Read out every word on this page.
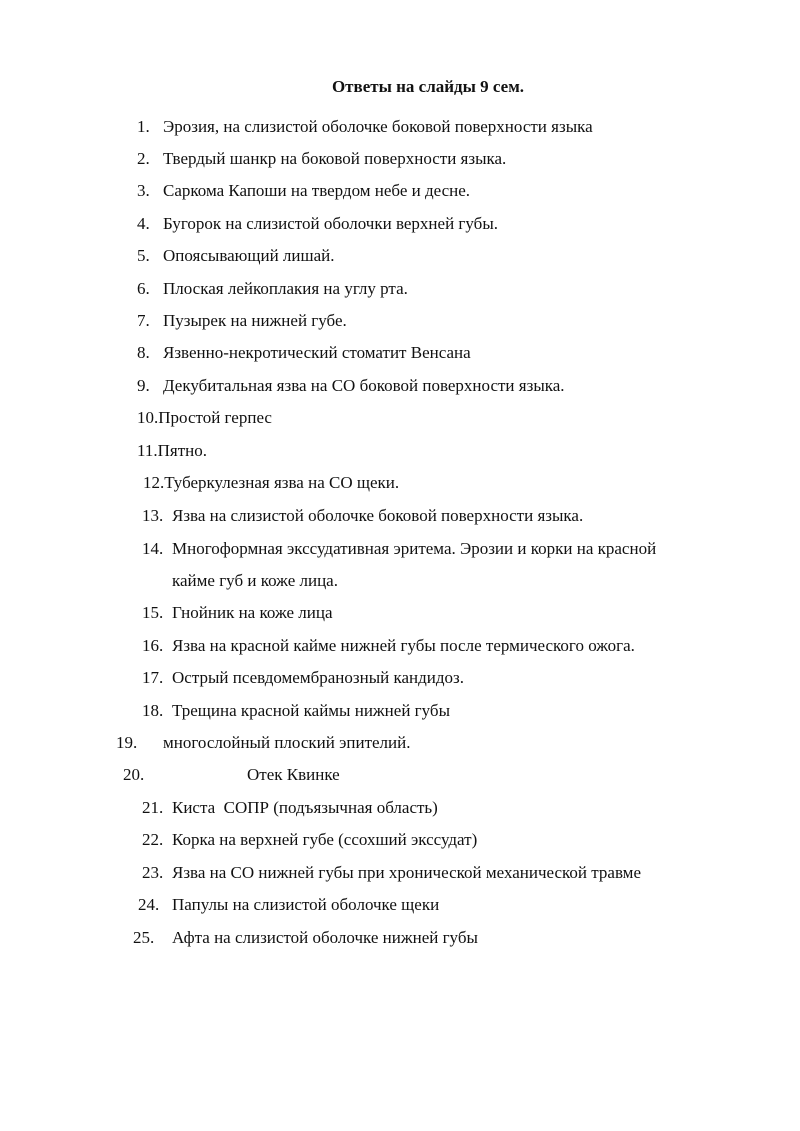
Ответы на слайды 9 сем.
1. Эрозия, на слизистой оболочке боковой поверхности языка
2. Твердый шанкр на боковой поверхности языка.
3. Саркома Капоши на твердом небе и десне.
4. Бугорок на слизистой оболочки верхней губы.
5. Опоясывающий лишай.
6. Плоская лейкоплакия на углу рта.
7. Пузырек на нижней губе.
8. Язвенно-некротический стоматит Венсана
9. Декубитальная язва на СО боковой поверхности языка.
10.Простой герпес
11.Пятно.
12.Туберкулезная язва на СО щеки.
13. Язва на слизистой оболочке боковой поверхности языка.
14. Многоформная экссудативная эритема. Эрозии и корки на красной
кайме губ и коже лица.
15. Гнойник на коже лица
16. Язва на красной кайме нижней губы после термического ожога.
17. Острый псевдомембранозный кандидоз.
18. Трещина красной каймы нижней губы
19. многослойный плоский эпителий.
20.	Отек Квинке
21. Киста  СОПР (подъязычная область)
22. Корка на верхней губе (ссохший экссудат)
23. Язва на СО нижней губы при хронической механической травме
24. Папулы на слизистой оболочке щеки
25. Афта на слизистой оболочке нижней губы
